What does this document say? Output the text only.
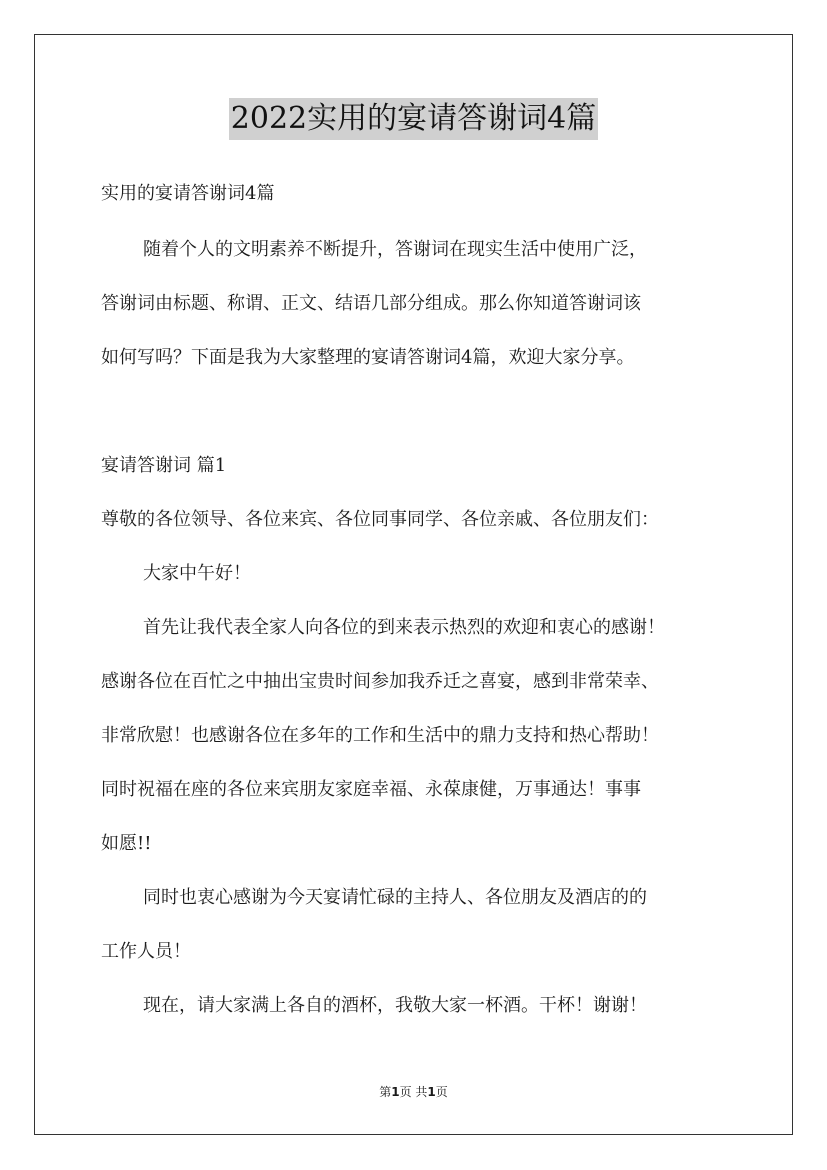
2022实用的宴请答谢词4篇
实用的宴请答谢词4篇
随着个人的文明素养不断提升，答谢词在现实生活中使用广泛，
答谢词由标题、称谓、正文、结语几部分组成。那么你知道答谢词该
如何写吗？下面是我为大家整理的宴请答谢词4篇，欢迎大家分享。
宴请答谢词 篇1
尊敬的各位领导、各位来宾、各位同事同学、各位亲戚、各位朋友们：
大家中午好！
首先让我代表全家人向各位的到来表示热烈的欢迎和衷心的感谢！
感谢各位在百忙之中抽出宝贵时间参加我乔迁之喜宴，感到非常荣幸、
非常欣慰！也感谢各位在多年的工作和生活中的鼎力支持和热心帮助！
同时祝福在座的各位来宾朋友家庭幸福、永葆康健，万事通达！事事
如愿!!
同时也衷心感谢为今天宴请忙碌的主持人、各位朋友及酒店的的
工作人员！
现在，请大家满上各自的酒杯，我敬大家一杯酒。干杯！谢谢！
第1页 共1页
